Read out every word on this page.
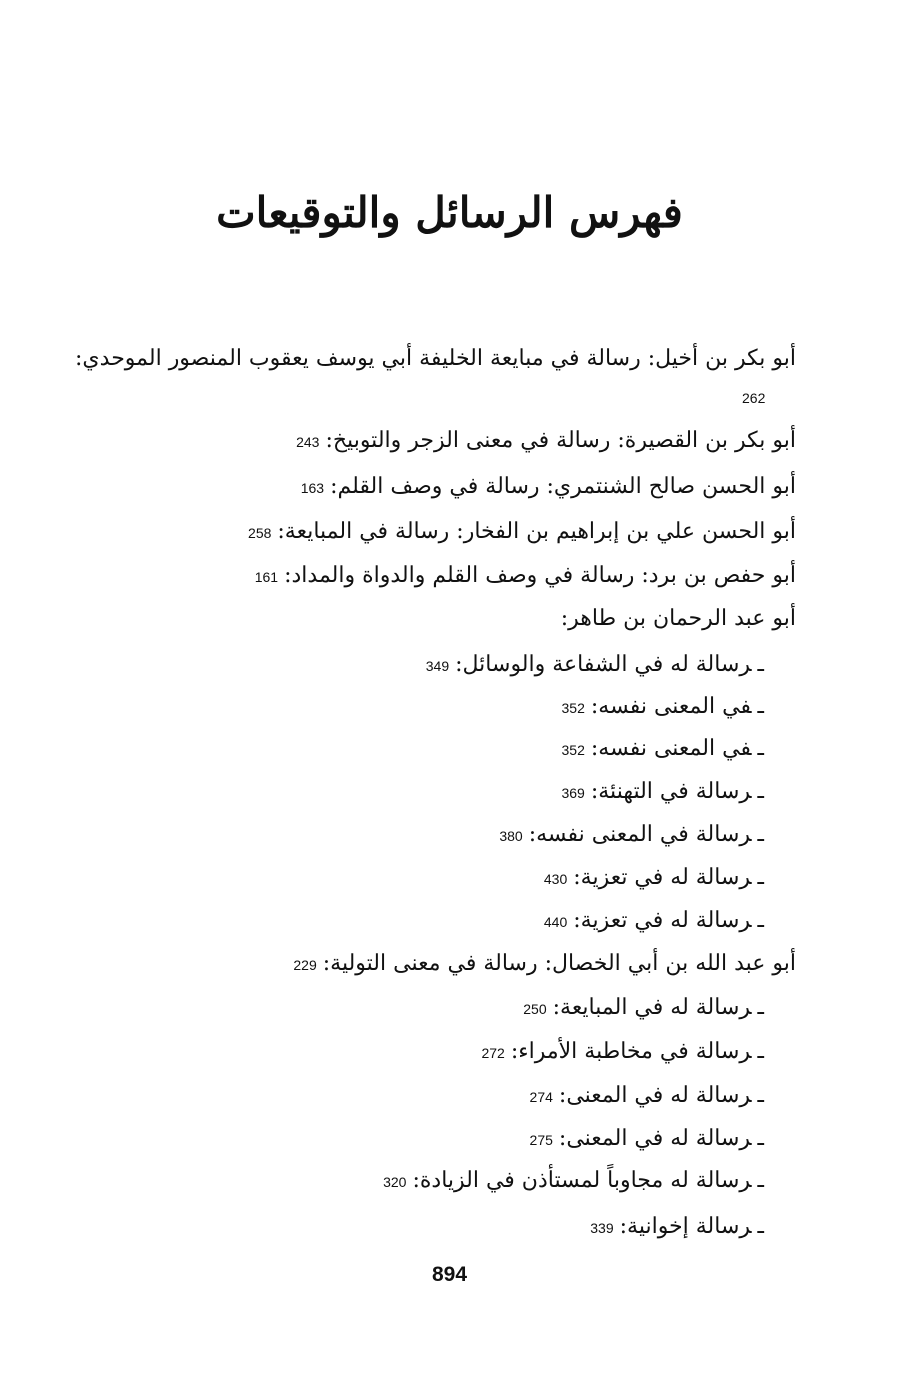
فهرس الرسائل والتوقيعات
أبو بكر بن أخيل: رسالة في مبايعة الخليفة أبي يوسف يعقوب المنصور الموحدي:
262
أبو بكر بن القصيرة: رسالة في معنى الزجر والتوبيخ:243
أبو الحسن صالح الشنتمري: رسالة في وصف القلم:163
أبو الحسن علي بن إبراهيم بن الفخار: رسالة في المبايعة:258
أبو حفص بن برد: رسالة في وصف القلم والدواة والمداد:161
أبو عبد الرحمان بن طاهر:
ـرسالة له في الشفاعة والوسائل:349
ـفي المعنى نفسه:352
ـفي المعنى نفسه:352
ـرسالة في التهنئة:369
ـرسالة في المعنى نفسه:380
ـرسالة له في تعزية:430
ـرسالة له في تعزية:440
أبو عبد الله بن أبي الخصال: رسالة في معنى التولية:229
ـرسالة له في المبايعة:250
ـرسالة في مخاطبة الأمراء:272
ـرسالة له في المعنى:274
ـرسالة له في المعنى:275
ـرسالة له مجاوباً لمستأذن في الزيادة:320
ـرسالة إخوانية:339
894
